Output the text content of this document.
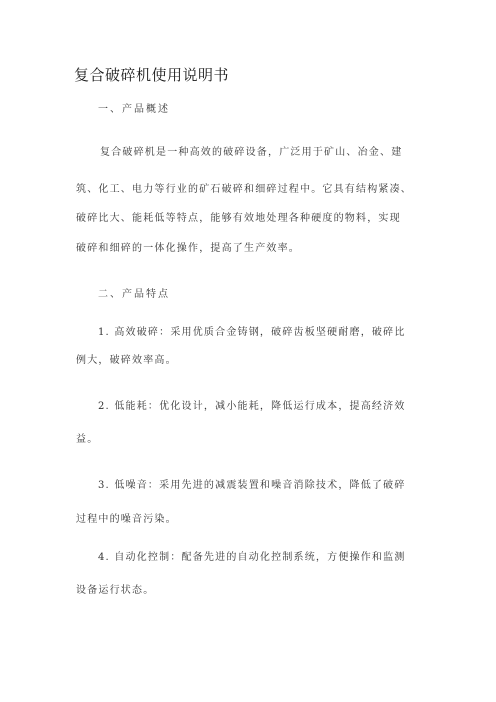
复合破碎机使用说明书

一、产品概述

复合破碎机是一种高效的破碎设备，广泛用于矿山、冶金、建

筑、化工、电力等行业的矿石破碎和细碎过程中。它具有结构紧凑、

破碎比大、能耗低等特点，能够有效地处理各种硬度的物料，实现

破碎和细碎的一体化操作，提高了生产效率。

二、产品特点

1. 高效破碎：采用优质合金铸钢，破碎齿板坚硬耐磨，破碎比

例大，破碎效率高。

2. 低能耗：优化设计，减小能耗，降低运行成本，提高经济效

益。

3. 低噪音：采用先进的减震装置和噪音消除技术，降低了破碎

过程中的噪音污染。

4. 自动化控制：配备先进的自动化控制系统，方便操作和监测

设备运行状态。
